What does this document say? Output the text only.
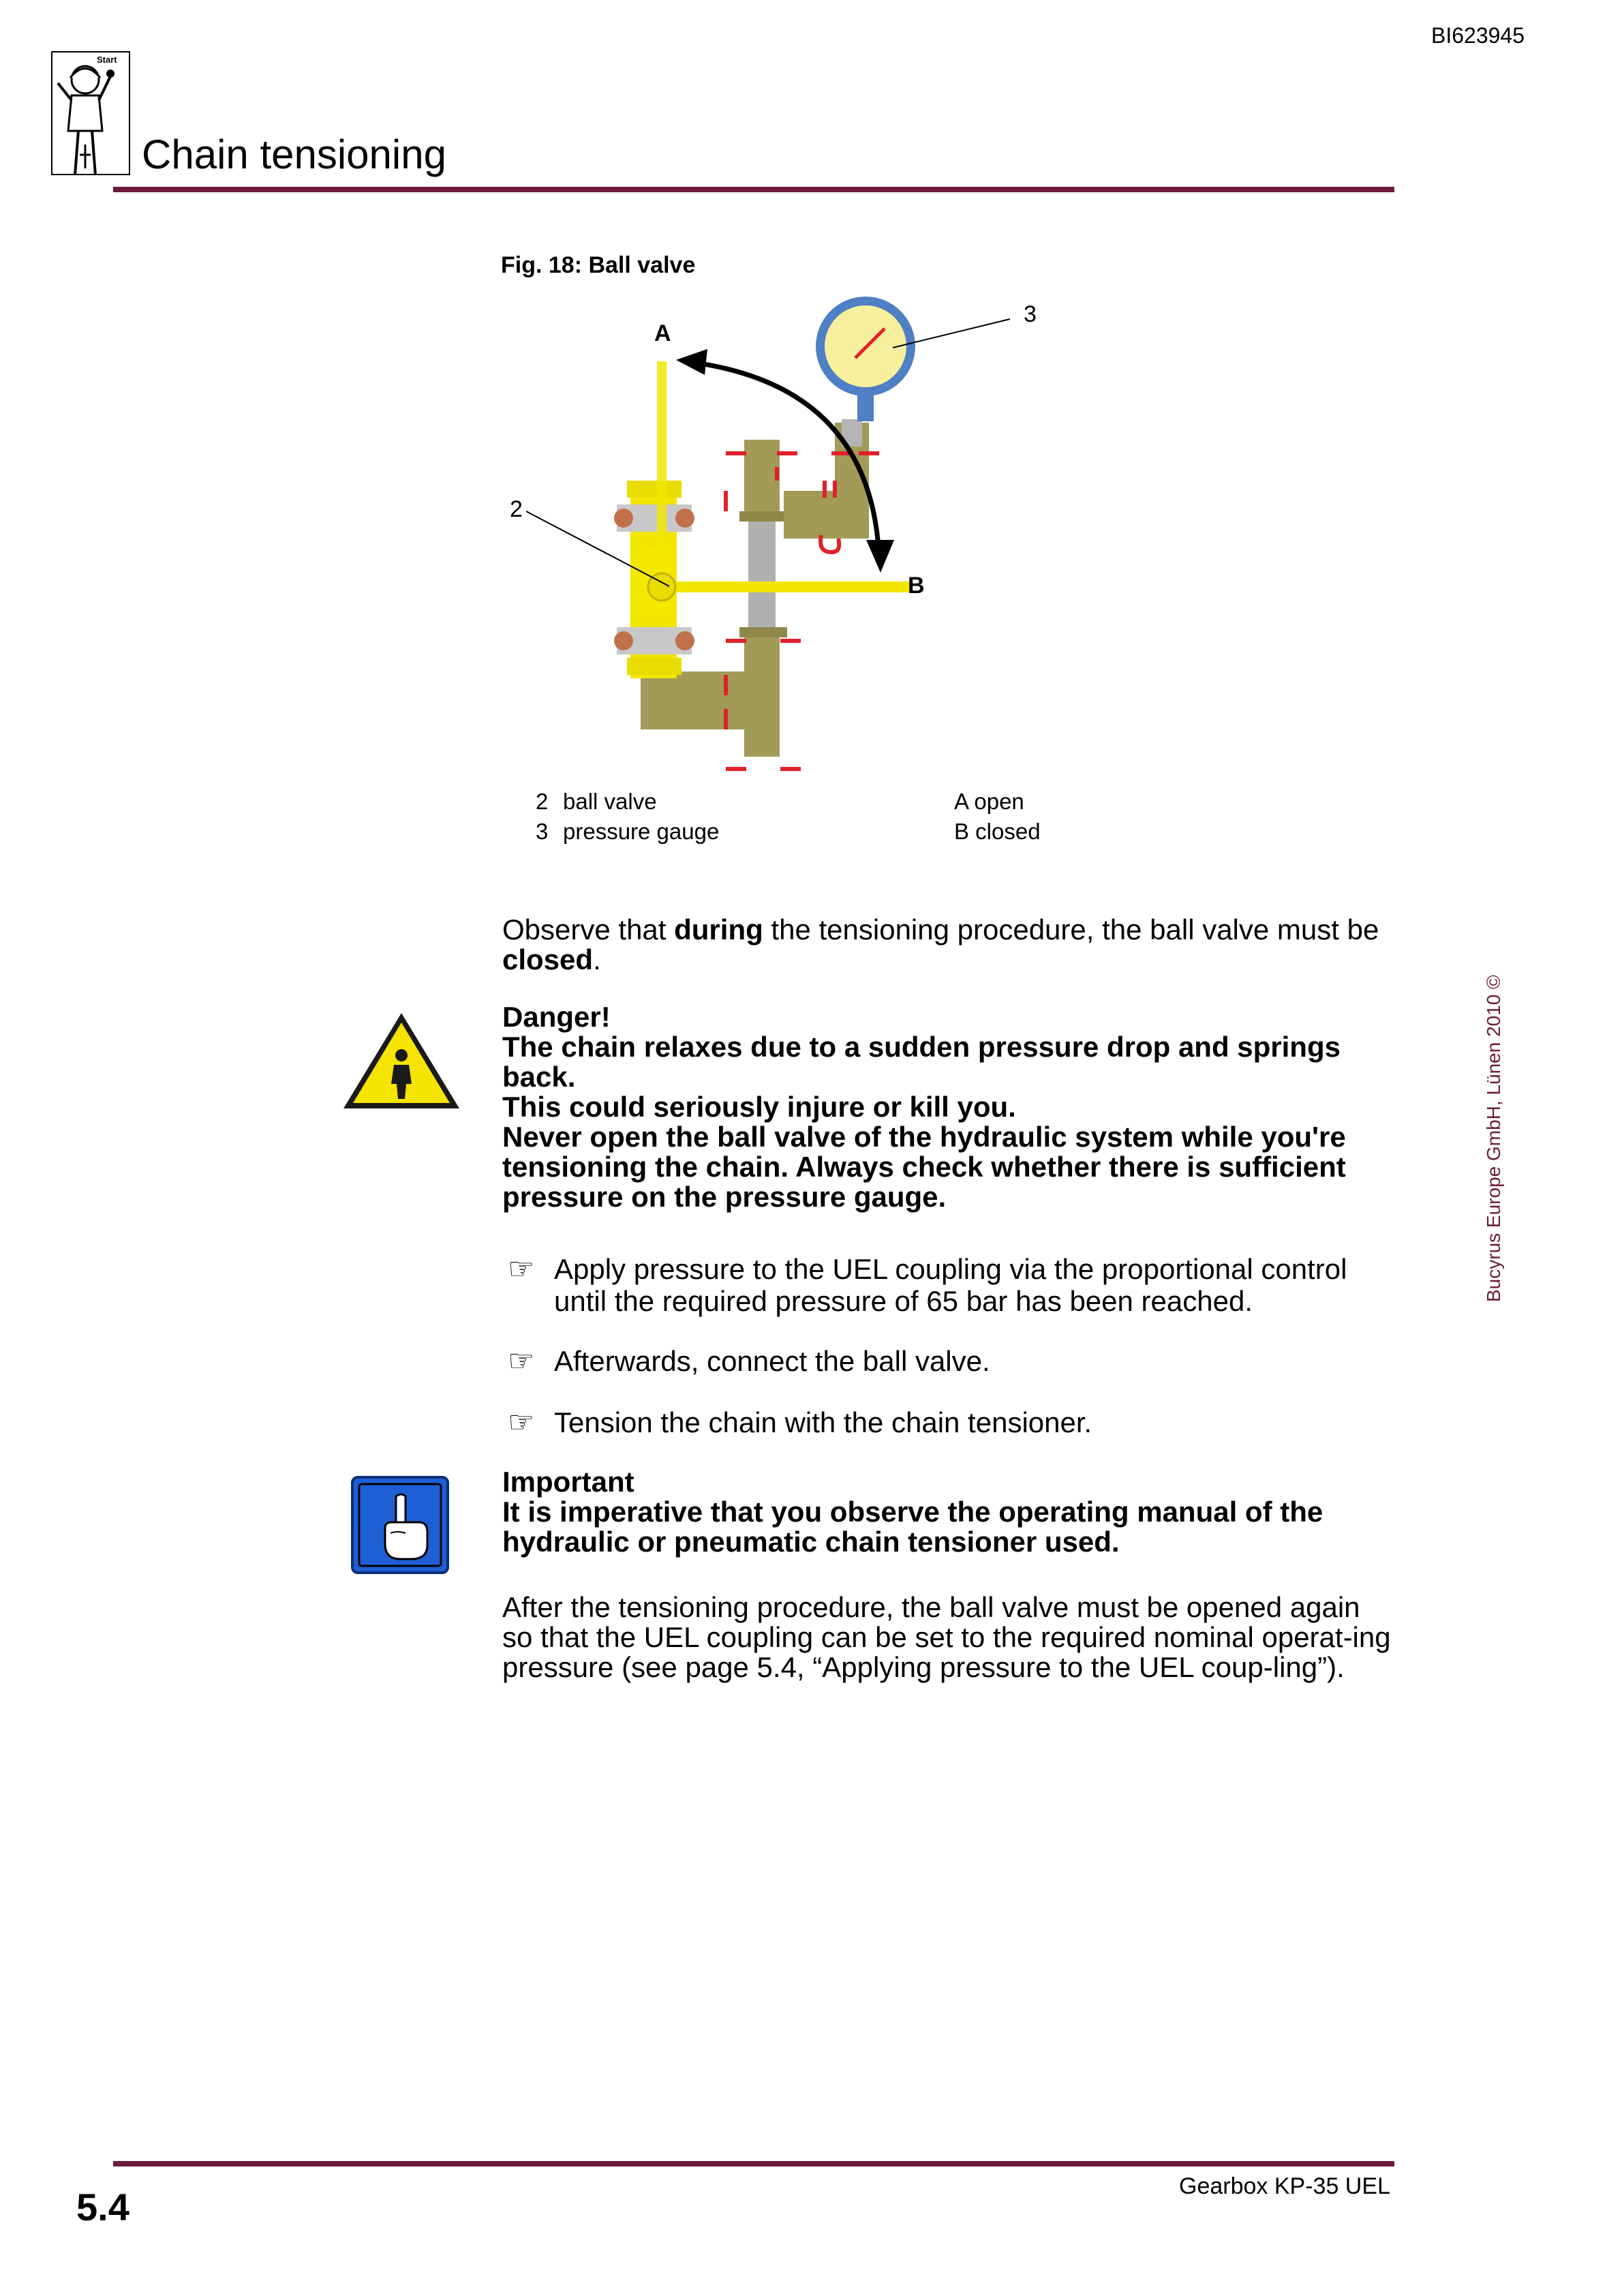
BI623945
Start
Chain tensioning
Fig. 18: Ball valve
A
B
2
3
2 ball valve
3 pressure gauge
A open
B closed
Observe that during the tensioning procedure, the ball valve must be closed.
Danger!
The chain relaxes due to a sudden pressure drop and springs back.
This could seriously injure or kill you.
Never open the ball valve of the hydraulic system while you're tensioning the chain. Always check whether there is sufficient pressure on the pressure gauge.
☞ Apply pressure to the UEL coupling via the proportional control until the required pressure of 65 bar has been reached.
☞ Afterwards, connect the ball valve.
☞ Tension the chain with the chain tensioner.
Important
It is imperative that you observe the operating manual of the hydraulic or pneumatic chain tensioner used.
After the tensioning procedure, the ball valve must be opened again so that the UEL coupling can be set to the required nominal operat-ing pressure (see page 5.4, “Applying pressure to the UEL coup-ling”).
Bucyrus Europe GmbH, Lünen 2010 ©
5.4	Gearbox KP-35 UEL
